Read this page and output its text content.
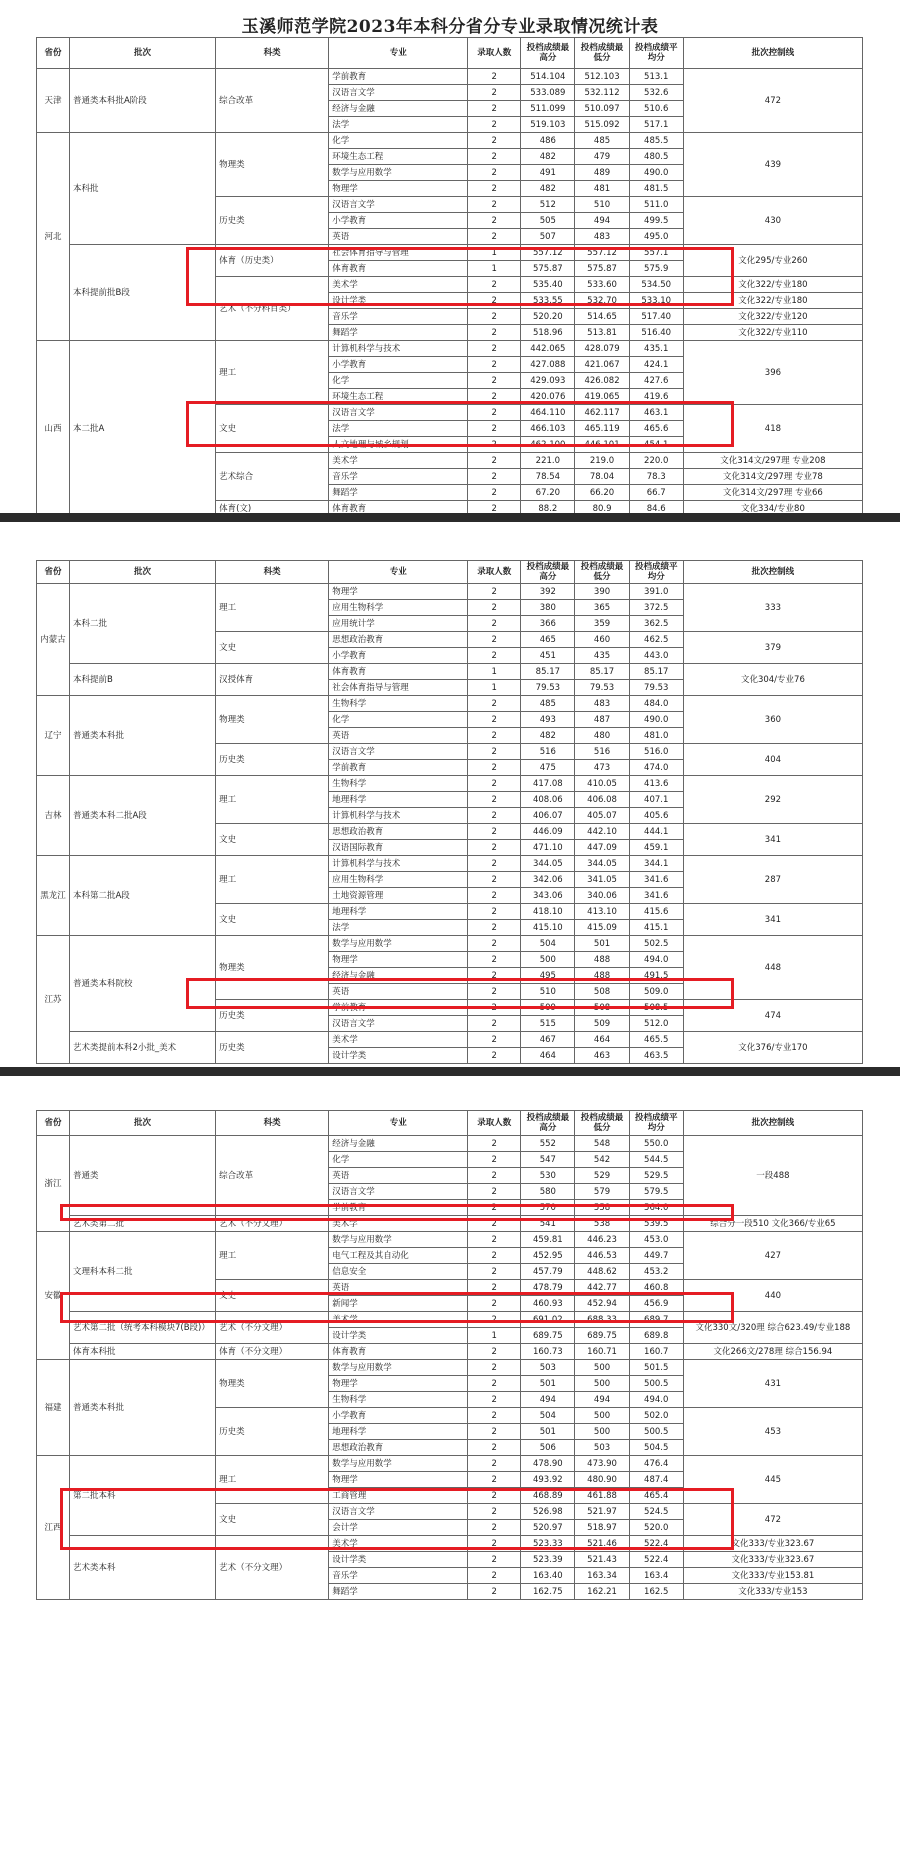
玉溪师范学院2023年本科分省分专业录取情况统计表
省份	批次	科类	专业	录取人数	投档成绩最高分	投档成绩最低分	投档成绩平均分	批次控制线
天津	普通类本科批A阶段	综合改革	学前教育	2	514.104	512.103	513.1	472
			汉语言文学	2	533.089	532.112	532.6	
			经济与金融	2	511.099	510.097	510.6	
			法学	2	519.103	515.092	517.1	
河北	本科批	物理类	化学	2	486	485	485.5	439
			环境生态工程	2	482	479	480.5	
			数学与应用数学	2	491	489	490.0	
			物理学	2	482	481	481.5	
		历史类	汉语言文学	2	512	510	511.0	430
			小学教育	2	505	494	499.5	
			英语	2	507	483	495.0	
	本科提前批B段	体育（历史类）	社会体育指导与管理	1	557.12	557.12	557.1	文化295/专业260
			体育教育	1	575.87	575.87	575.9	
		艺术（不分科目类）	美术学	2	535.40	533.60	534.50	文化322/专业180
			设计学类	2	533.55	532.70	533.10	文化322/专业180
			音乐学	2	520.20	514.65	517.40	文化322/专业120
			舞蹈学	2	518.96	513.81	516.40	文化322/专业110
山西	本二批A	理工	计算机科学与技术	2	442.065	428.079	435.1	396
			小学教育	2	427.088	421.067	424.1	
			化学	2	429.093	426.082	427.6	
			环境生态工程	2	420.076	419.065	419.6	
		文史	汉语言文学	2	464.110	462.117	463.1	418
			法学	2	466.103	465.119	465.6	
			人文地理与城乡规划	2	462.100	446.101	454.1	
		艺术综合	美术学	2	221.0	219.0	220.0	文化314文/297理 专业208
			音乐学	2	78.54	78.04	78.3	文化314文/297理 专业78
			舞蹈学	2	67.20	66.20	66.7	文化314文/297理 专业66
		体育(文)	体育教育	2	88.2	80.9	84.6	文化334/专业80
省份	批次	科类	专业	录取人数	投档成绩最高分	投档成绩最低分	投档成绩平均分	批次控制线
内蒙古	本科二批	理工	物理学	2	392	390	391.0	333
			应用生物科学	2	380	365	372.5	
			应用统计学	2	366	359	362.5	
		文史	思想政治教育	2	465	460	462.5	379
			小学教育	2	451	435	443.0	
	本科提前B	汉授体育	体育教育	1	85.17	85.17	85.17	文化304/专业76
			社会体育指导与管理	1	79.53	79.53	79.53	
辽宁	普通类本科批	物理类	生物科学	2	485	483	484.0	360
			化学	2	493	487	490.0	
			英语	2	482	480	481.0	
		历史类	汉语言文学	2	516	516	516.0	404
			学前教育	2	475	473	474.0	
吉林	普通类本科二批A段	理工	生物科学	2	417.08	410.05	413.6	292
			地理科学	2	408.06	406.08	407.1	
			计算机科学与技术	2	406.07	405.07	405.6	
		文史	思想政治教育	2	446.09	442.10	444.1	341
			汉语国际教育	2	471.10	447.09	459.1	
黑龙江	本科第二批A段	理工	计算机科学与技术	2	344.05	344.05	344.1	287
			应用生物科学	2	342.06	341.05	341.6	
			土地资源管理	2	343.06	340.06	341.6	
		文史	地理科学	2	418.10	413.10	415.6	341
			法学	2	415.10	415.09	415.1	
江苏	普通类本科院校	物理类	数学与应用数学	2	504	501	502.5	448
			物理学	2	500	488	494.0	
			经济与金融	2	495	488	491.5	
			英语	2	510	508	509.0	
		历史类	学前教育	2	509	508	508.5	474
			汉语言文学	2	515	509	512.0	
	艺术类提前本科2小批_美术	历史类	美术学	2	467	464	465.5	文化376/专业170
			设计学类	2	464	463	463.5	
省份	批次	科类	专业	录取人数	投档成绩最高分	投档成绩最低分	投档成绩平均分	批次控制线
浙江	普通类	综合改革	经济与金融	2	552	548	550.0	一段488
			化学	2	547	542	544.5	
			英语	2	530	529	529.5	
			汉语言文学	2	580	579	579.5	
			学前教育	2	570	558	564.0	
	艺术类第二批	艺术（不分文理）	美术学	2	541	538	539.5	综合分一段510 文化366/专业65
安徽	文理科本科二批	理工	数学与应用数学	2	459.81	446.23	453.0	427
			电气工程及其自动化	2	452.95	446.53	449.7	
			信息安全	2	457.79	448.62	453.2	
		文史	英语	2	478.79	442.77	460.8	440
			新闻学	2	460.93	452.94	456.9	
	艺术第二批（统考本科模块7(B段)）	艺术（不分文理）	美术学	2	691.02	688.33	689.7	文化330文/320理 综合623.49/专业188
			设计学类	1	689.75	689.75	689.8	
	体育本科批	体育（不分文理）	体育教育	2	160.73	160.71	160.7	文化266文/278理 综合156.94
福建	普通类本科批	物理类	数学与应用数学	2	503	500	501.5	431
			物理学	2	501	500	500.5	
			生物科学	2	494	494	494.0	
		历史类	小学教育	2	504	500	502.0	453
			地理科学	2	501	500	500.5	
			思想政治教育	2	506	503	504.5	
江西	第二批本科	理工	数学与应用数学	2	478.90	473.90	476.4	445
			物理学	2	493.92	480.90	487.4	
			工商管理	2	468.89	461.88	465.4	
		文史	汉语言文学	2	526.98	521.97	524.5	472
			会计学	2	520.97	518.97	520.0	
	艺术类本科	艺术（不分文理）	美术学	2	523.33	521.46	522.4	文化333/专业323.67
			设计学类	2	523.39	521.43	522.4	文化333/专业323.67
			音乐学	2	163.40	163.34	163.4	文化333/专业153.81
			舞蹈学	2	162.75	162.21	162.5	文化333/专业153
